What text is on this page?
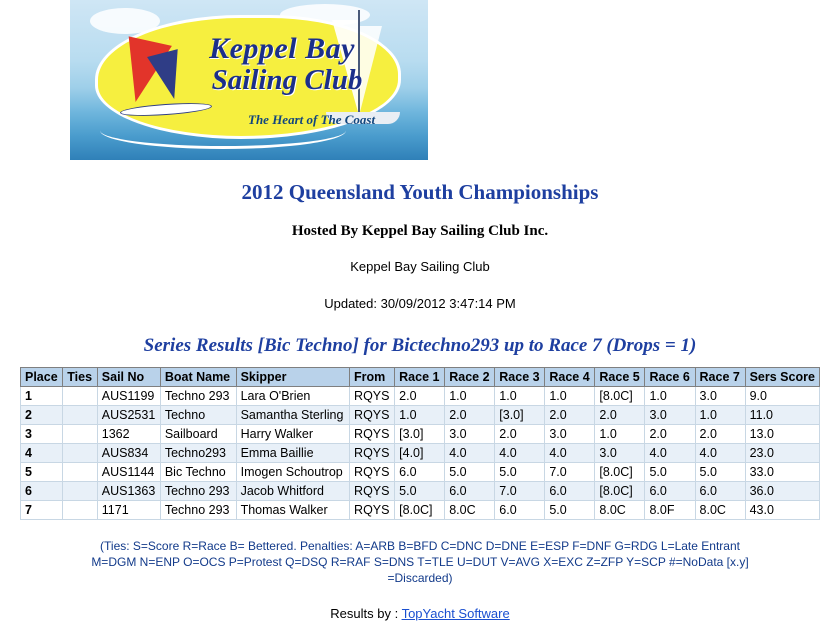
Keppel Bay
Sailing Club
The Heart of The Coast
2012 Queensland Youth Championships
Hosted By Keppel Bay Sailing Club Inc.
Keppel Bay Sailing Club
Updated: 30/09/2012 3:47:14 PM
Series Results [Bic Techno] for Bictechno293 up to Race 7 (Drops = 1)
Place	Ties	Sail No	Boat Name	Skipper	From	Race 1	Race 2	Race 3	Race 4	Race 5	Race 6	Race 7	Sers Score
1		AUS1199	Techno 293	Lara O'Brien	RQYS	2.0	1.0	1.0	1.0	[8.0C]	1.0	3.0	9.0
2		AUS2531	Techno	Samantha Sterling	RQYS	1.0	2.0	[3.0]	2.0	2.0	3.0	1.0	11.0
3		1362	Sailboard	Harry Walker	RQYS	[3.0]	3.0	2.0	3.0	1.0	2.0	2.0	13.0
4		AUS834	Techno293	Emma Baillie	RQYS	[4.0]	4.0	4.0	4.0	3.0	4.0	4.0	23.0
5		AUS1144	Bic Techno	Imogen Schoutrop	RQYS	6.0	5.0	5.0	7.0	[8.0C]	5.0	5.0	33.0
6		AUS1363	Techno 293	Jacob Whitford	RQYS	5.0	6.0	7.0	6.0	[8.0C]	6.0	6.0	36.0
7		1171	Techno 293	Thomas Walker	RQYS	[8.0C]	8.0C	6.0	5.0	8.0C	8.0F	8.0C	43.0
(Ties: S=Score R=Race B= Bettered. Penalties: A=ARB B=BFD C=DNC D=DNE E=ESP F=DNF G=RDG L=Late Entrant
M=DGM N=ENP O=OCS P=Protest Q=DSQ R=RAF S=DNS T=TLE U=DUT V=AVG X=EXC Z=ZFP Y=SCP #=NoData [x.y]
=Discarded)
Results by : TopYacht Software
